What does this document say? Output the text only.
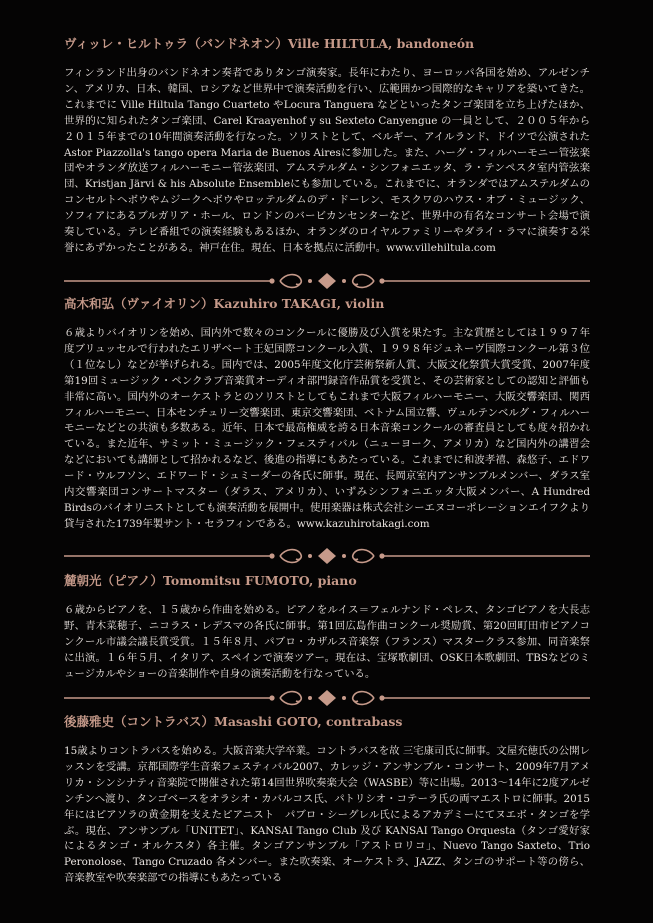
ヴィッレ・ヒルトゥラ（バンドネオン）Ville HILTULA, bandoneón
フィンランド出身のバンドネオン奏者でありタンゴ演奏家。長年にわたり、ヨーロッパ各国を始め、アルゼンチン、アメリカ、日本、韓国、ロシアなど世界中で演奏活動を行い、広範囲かつ国際的なキャリアを築いてきた。これまでに Ville Hiltula Tango Cuarteto やLocura Tanguera などといったタンゴ楽団を立ち上げたほか、世界的に知られたタンゴ楽団、Carel Kraayenhof y su Sexteto Canyengue の一員として、２００５年から２０１５年までの10年間演奏活動を行なった。ソリストとして、ベルギー、アイルランド、ドイツで公演されたAstor Piazzolla's tango opera Maria de Buenos Airesに参加した。また、ハーグ・フィルハーモニー管弦楽団やオランダ放送フィルハーモニー管弦楽団、アムステルダム・シンフォニエッタ、ラ・テンペスタ室内管弦楽団、Kristjan Järvi & his Absolute Ensembleにも参加している。これまでに、オランダではアムステルダムのコンセルトヘボウやムジークヘボウやロッテルダムのデ・ドーレン、モスクワのハウス・オブ・ミュージック、ソフィアにあるブルガリア・ホール、ロンドンのバービカンセンターなど、世界中の有名なコンサート会場で演奏している。テレビ番組での演奏経験もあるほか、オランダのロイヤルファミリーやダライ・ラマに演奏する栄誉にあずかったことがある。神戸在住。現在、日本を拠点に活動中。www.villehiltula.com
高木和弘（ヴァイオリン）Kazuhiro TAKAGI, violin
６歳よりバイオリンを始め、国内外で数々のコンクールに優勝及び入賞を果たす。主な賞歴としては１９９７年度ブリュッセルで行われたエリザベート王妃国際コンクール入賞、１９９８年ジュネーヴ国際コンクール第３位（１位なし）などが挙げられる。国内では、2005年度文化庁芸術祭新人賞、大阪文化祭賞大賞受賞、2007年度第19回ミュージック・ペンクラブ音楽賞オーディオ部門録音作品賞を受賞と、その芸術家としての認知と評価も非常に高い。国内外のオーケストラとのソリストとしてもこれまで大阪フィルハーモニー、大阪交響楽団、関西フィルハーモニー、日本センチュリー交響楽団、東京交響楽団、ベトナム国立響、ヴュルテンベルグ・フィルハーモニーなどとの共演も多数ある。近年、日本で最高権威を誇る日本音楽コンクールの審査員としても度々招かれている。また近年、サミット・ミュージック・フェスティバル（ニューヨーク、アメリカ）など国内外の講習会などにおいても講師として招かれるなど、後進の指導にもあたっている。これまでに和波孝禧、森悠子、エドワード・ウルフソン、エドワード・シュミーダーの各氏に師事。現在、長岡京室内アンサンブルメンバー、ダラス室内交響楽団コンサートマスター（ダラス、アメリカ）、いずみシンフォニエッタ大阪メンバー、A Hundred Birdsのバイオリニストとしても演奏活動を展開中。使用楽器は株式会社シーエヌコーポレーションエイフクより貸与された1739年製サント・セラフィンである。www.kazuhirotakagi.com
麓朝光（ピアノ）Tomomitsu FUMOTO, piano
６歳からピアノを、１５歳から作曲を始める。ピアノをルイス＝フェルナンド・ペレス、タンゴピアノを大長志野、青木菜穂子、ニコラス・レデスマの各氏に師事。第1回広島作曲コンクール奨励賞、第20回町田市ピアノコンクール市議会議長賞受賞。１５年８月、パブロ・カザルス音楽祭（フランス）マスタークラス参加、同音楽祭に出演。１６年５月、イタリア、スペインで演奏ツアー。現在は、宝塚歌劇団、OSK日本歌劇団、TBSなどのミュージカルやショーの音楽制作や自身の演奏活動を行なっている。
後藤雅史（コントラバス）Masashi GOTO, contrabass
15歳よりコントラバスを始める。大阪音楽大学卒業。コントラバスを故 三宅康司氏に師事。文屋充徳氏の公開レッスンを受講。京都国際学生音楽フェスティバル2007、カレッジ・アンサンブル・コンサート、2009年7月アメリカ・シンシナティ音楽院で開催された第14回世界吹奏楽大会（WASBE）等に出場。2013～14年に2度アルゼンチンへ渡り、タンゴベースをオラシオ・カバルコス氏、パトリシオ・コテーラ氏の両マエストロに師事。2015年にはピアソラの黄金期を支えたピアニスト　パブロ・シーグレル氏によるアカデミーにてヌエボ・タンゴを学ぶ。現在、アンサンブル「UNITET」、KANSAI Tango Club 及び KANSAI Tango Orquesta（タンゴ愛好家によるタンゴ・オルケスタ）各主催。タンゴアンサンブル「アストロリコ」、Nuevo Tango Saxteto、Trio Peronolose、Tango Cruzado 各メンバー。また吹奏楽、オーケストラ、JAZZ、タンゴのサポート等の傍ら、音楽教室や吹奏楽部での指導にもあたっている
